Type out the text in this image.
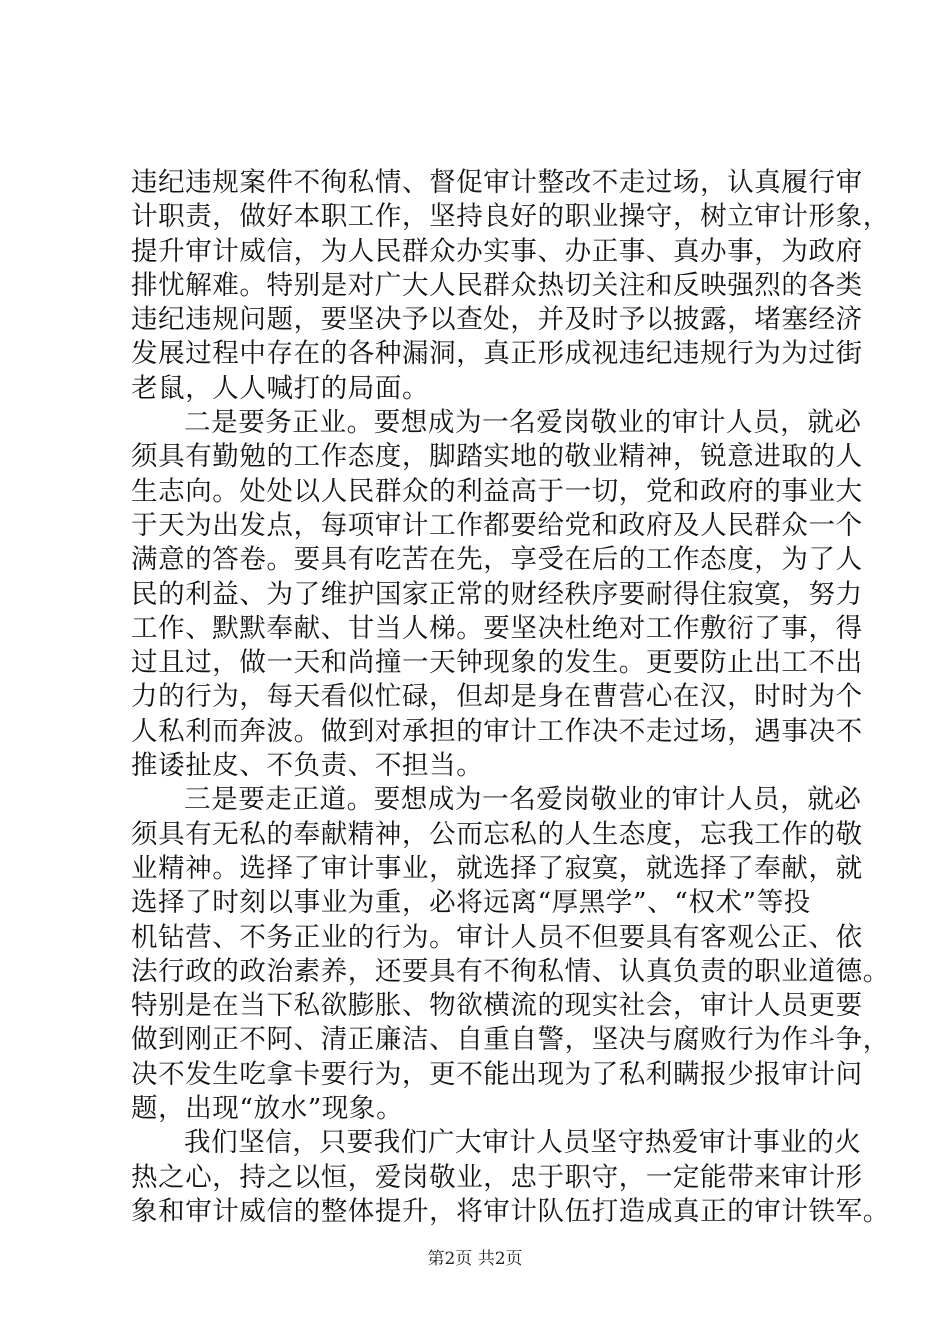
违纪违规案件不徇私情、督促审计整改不走过场，认真履行审
计职责，做好本职工作，坚持良好的职业操守，树立审计形象，
提升审计威信，为人民群众办实事、办正事、真办事，为政府
排忧解难。特别是对广大人民群众热切关注和反映强烈的各类
违纪违规问题，要坚决予以查处，并及时予以披露，堵塞经济
发展过程中存在的各种漏洞，真正形成视违纪违规行为为过街
老鼠，人人喊打的局面。

二是要务正业。要想成为一名爱岗敬业的审计人员，就必
须具有勤勉的工作态度，脚踏实地的敬业精神，锐意进取的人
生志向。处处以人民群众的利益高于一切，党和政府的事业大
于天为出发点，每项审计工作都要给党和政府及人民群众一个
满意的答卷。要具有吃苦在先，享受在后的工作态度，为了人
民的利益、为了维护国家正常的财经秩序要耐得住寂寞，努力
工作、默默奉献、甘当人梯。要坚决杜绝对工作敷衍了事，得
过且过，做一天和尚撞一天钟现象的发生。更要防止出工不出
力的行为，每天看似忙碌，但却是身在曹营心在汉，时时为个
人私利而奔波。做到对承担的审计工作决不走过场，遇事决不
推诿扯皮、不负责、不担当。

三是要走正道。要想成为一名爱岗敬业的审计人员，就必
须具有无私的奉献精神，公而忘私的人生态度，忘我工作的敬
业精神。选择了审计事业，就选择了寂寞，就选择了奉献，就
选择了时刻以事业为重，必将远离“厚黑学”、“权术”等投
机钻营、不务正业的行为。审计人员不但要具有客观公正、依
法行政的政治素养，还要具有不徇私情、认真负责的职业道德。
特别是在当下私欲膨胀、物欲横流的现实社会，审计人员更要
做到刚正不阿、清正廉洁、自重自警，坚决与腐败行为作斗争，
决不发生吃拿卡要行为，更不能出现为了私利瞒报少报审计问
题，出现“放水”现象。

我们坚信，只要我们广大审计人员坚守热爱审计事业的火
热之心，持之以恒，爱岗敬业，忠于职守，一定能带来审计形
象和审计威信的整体提升，将审计队伍打造成真正的审计铁军。

第2页 共2页
